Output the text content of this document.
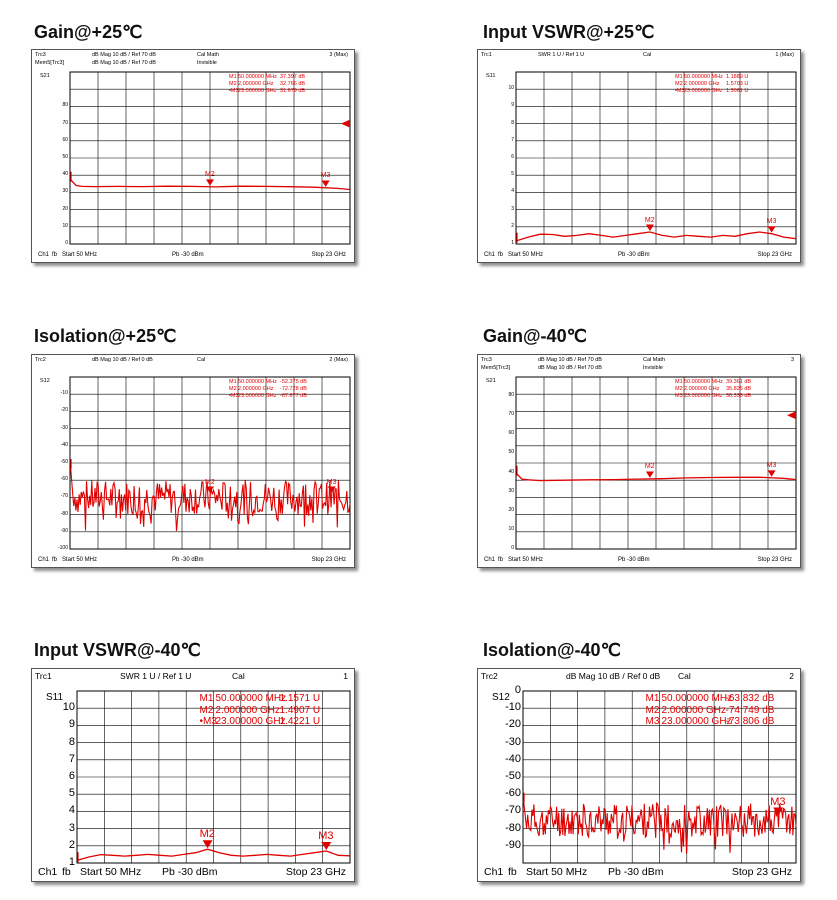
Gain@+25℃
M2	M3
Trc3
Mem5[Trc3]
dB Mag 10 dB / Ref 70 dB
dB Mag 10 dB / Ref 70 dB
Cal Math
Invisible
3 (Max)
S21
80
70
60
50
40
30
20
10
0
M1 50.000000 MHz 37.397 dB
M2 2.000000 GHz 32.766 dB
•M3 23.000000 GHz 31.679 dB
Ch1 fb Start 50 MHz	Pb -30 dBm	Stop 23 GHz
Input VSWR@+25℃
M2	M3
Trc1	SWR 1 U / Ref 1 U	Cal	1 (Max)
S11
10
9
8
7
6
5
4
3
2
1
M1 50.000000 MHz 1.1889 U
M2 2.000000 GHz 1.5703 U
•M3 23.000000 GHz 1.3061 U
Ch1 fb Start 50 MHz	Pb -30 dBm	Stop 23 GHz
Isolation@+25℃
M2	M3
Trc2	dB Mag 10 dB / Ref 0 dB	Cal	2 (Max)
S12
-10
-20
-30
-40
-50
-60
-70
-80
-90
-100
M1 50.000000 MHz -52.375 dB
M2 2.000000 GHz -72.728 dB
•M3 23.000000 GHz -67.677 dB
Ch1 fb Start 50 MHz	Pb -30 dBm	Stop 23 GHz
Gain@-40℃
M2	M3
Trc3
Mem5[Trc3]
dB Mag 10 dB / Ref 70 dB
dB Mag 10 dB / Ref 70 dB
Cal Math
Invisible
3
S21
80
70
60
50
40
30
20
10
0
M1 50.000000 MHz 39.361 dB
M2 2.000000 GHz 35.825 dB
M3 23.000000 GHz 36.336 dB
Ch1 fb Start 50 MHz	Pb -30 dBm	Stop 23 GHz
Input VSWR@-40℃
M2	M3
Trc1	SWR 1 U / Ref 1 U	Cal	1
S11
10
9
8
7
6
5
4
3
2
1
M1 50.000000 MHz
1.1571 U
M2 2.000000 GHz 1.4907 U
•M3
23.000000 GHz
1.4221 U
Ch1 fb Start 50 MHz Pb -30 dBm	Stop 23 GHz
Isolation@-40℃
M3
Trc2	dB Mag 10 dB / Ref 0 dB Cal	2
S12
0
-10
-20
-30
-40
-50
-60
-70
-80
-90
M1 50.000000 MHz
-63.832 dB
M2 2.000000 GHz -74.749 dB
M3 23.000000 GHz
-73.806 dB
Ch1 fb Start 50 MHz Pb -30 dBm	Stop 23 GHz
